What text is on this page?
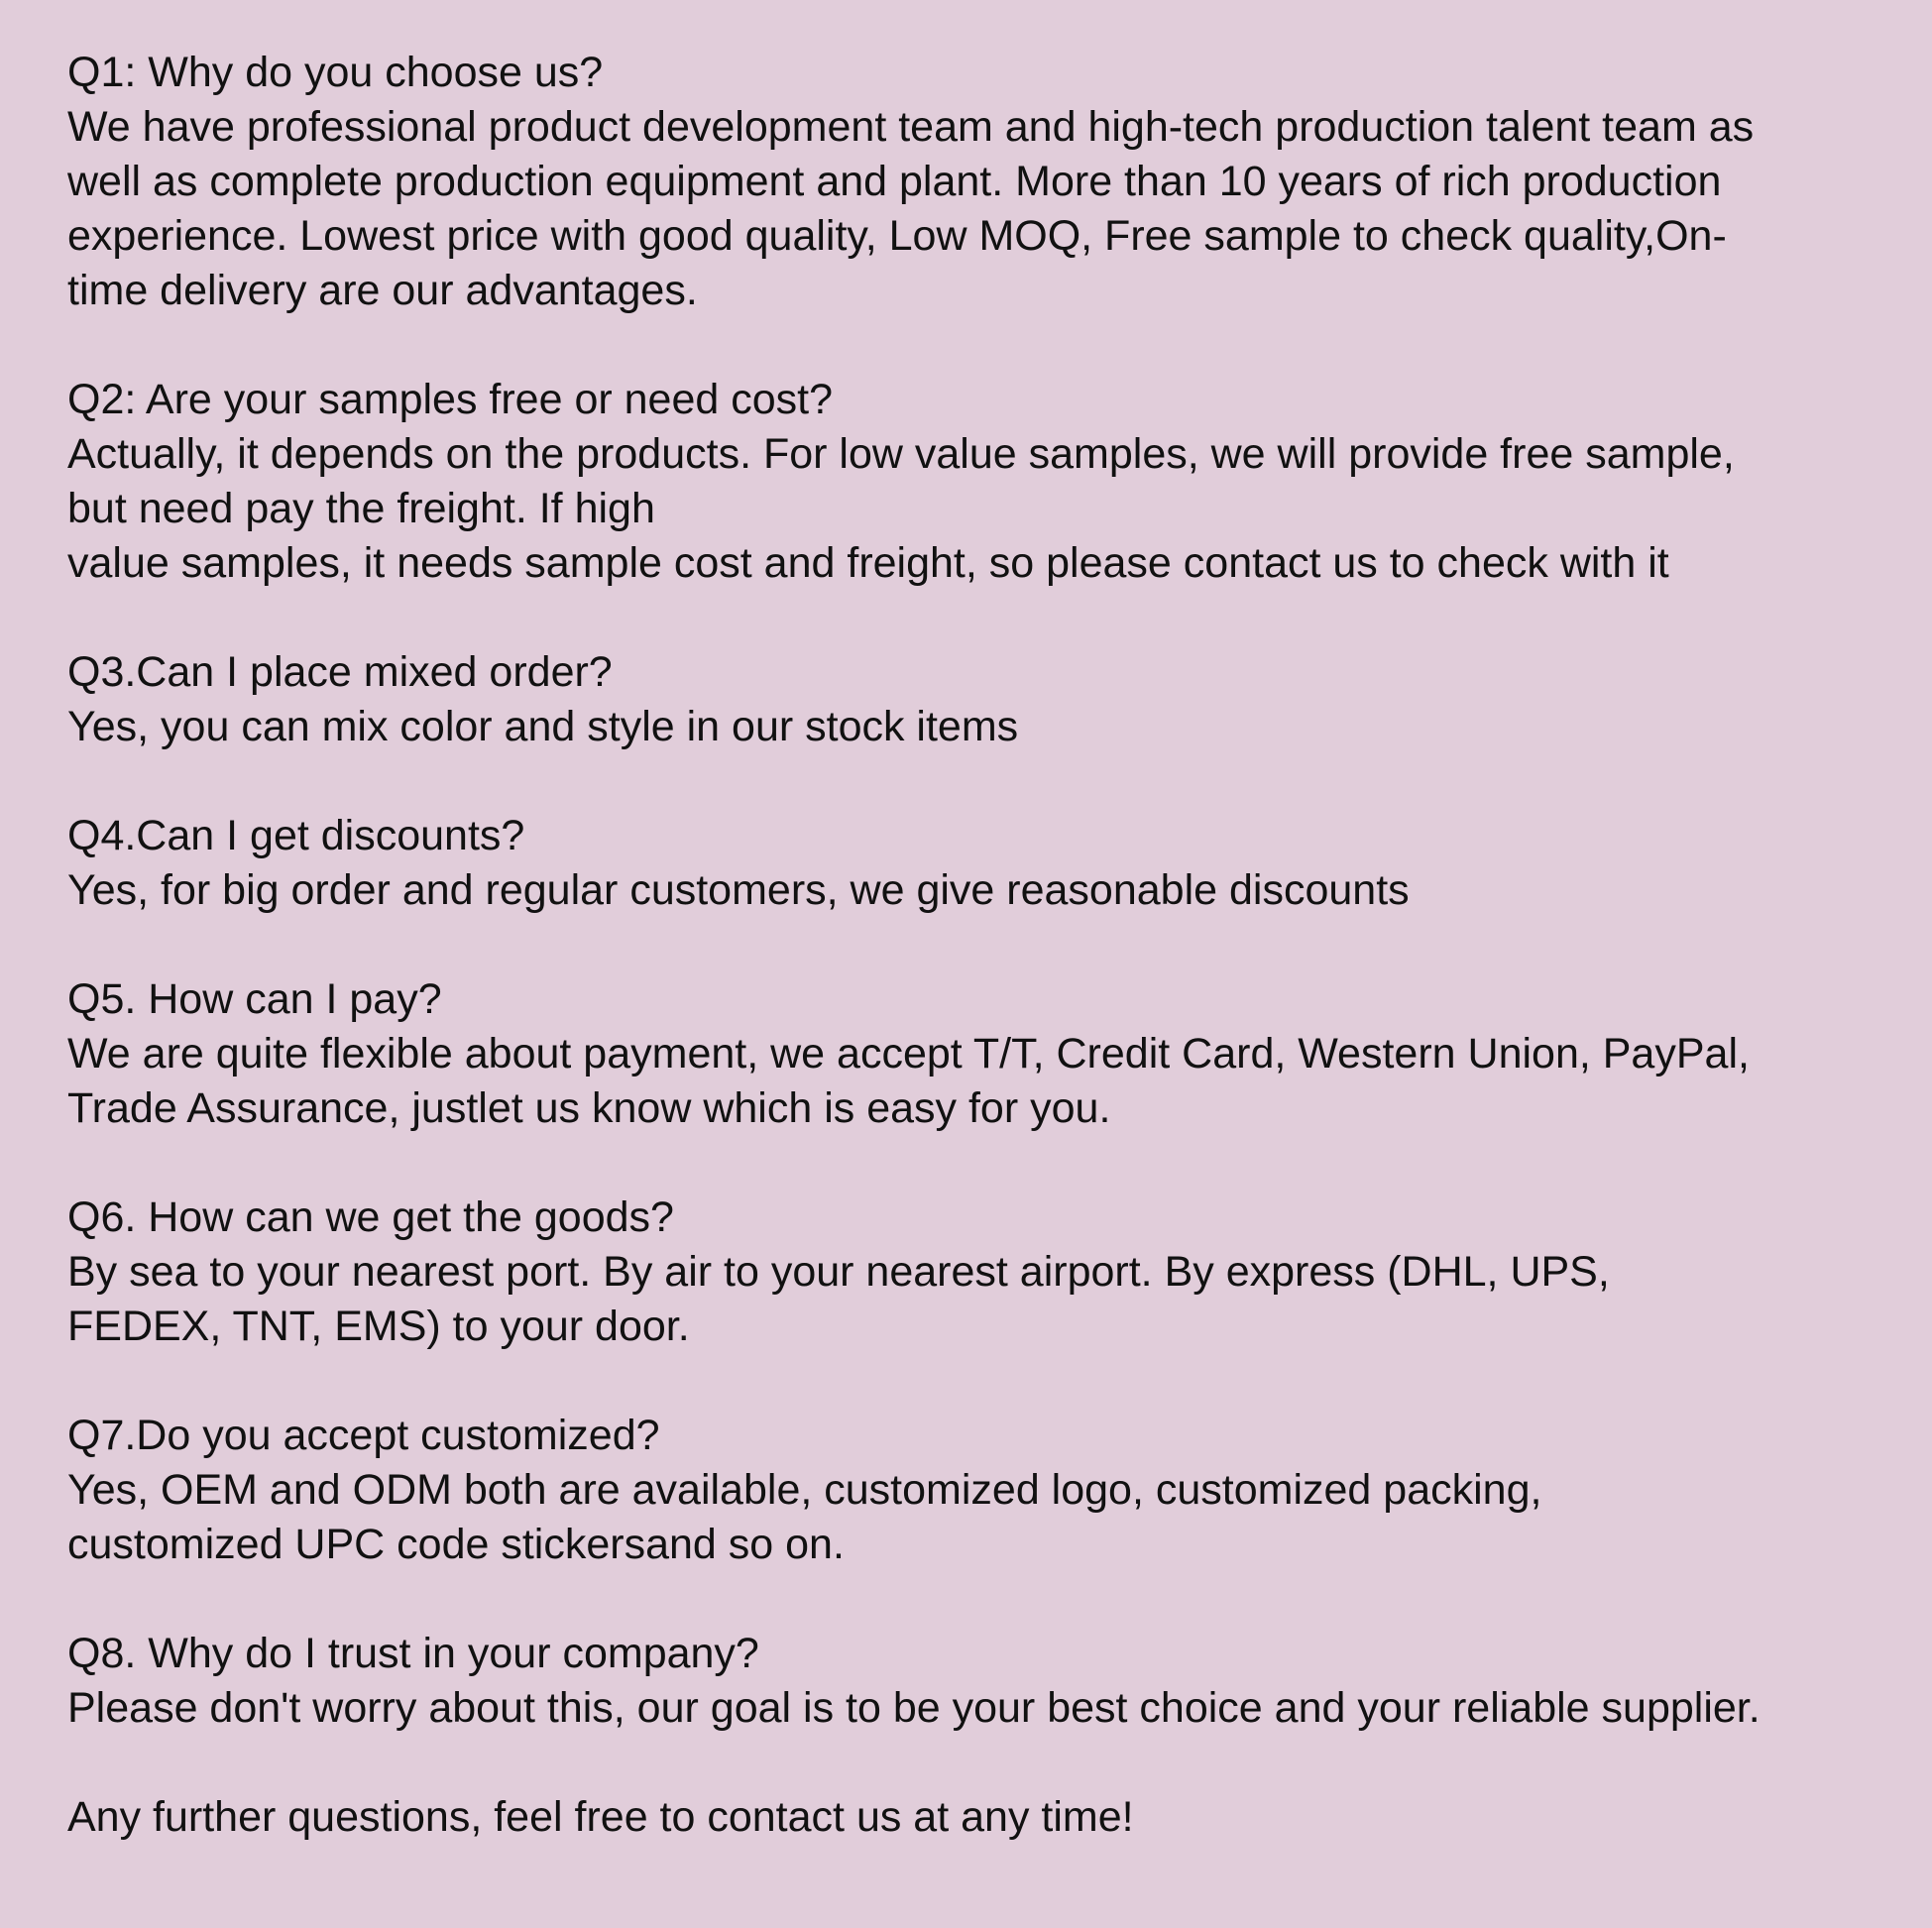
Q1: Why do you choose us?
We have professional product development team and high-tech production talent team as
well as complete production equipment and plant. More than 10 years of rich production
experience. Lowest price with good quality, Low MOQ, Free sample to check quality,On-
time delivery are our advantages.
Q2: Are your samples free or need cost?
Actually, it depends on the products. For low value samples, we will provide free sample,
but need pay the freight. If high
value samples, it needs sample cost and freight, so please contact us to check with it
Q3.Can I place mixed order?
Yes, you can mix color and style in our stock items
Q4.Can I get discounts?
Yes, for big order and regular customers, we give reasonable discounts
Q5. How can I pay?
We are quite flexible about payment, we accept T/T, Credit Card, Western Union, PayPal,
Trade Assurance, justlet us know which is easy for you.
Q6. How can we get the goods?
By sea to your nearest port. By air to your nearest airport. By express (DHL, UPS,
FEDEX, TNT, EMS) to your door.
Q7.Do you accept customized?
Yes, OEM and ODM both are available, customized logo, customized packing,
customized UPC code stickersand so on.
Q8. Why do I trust in your company?
Please don't worry about this, our goal is to be your best choice and your reliable supplier.
Any further questions, feel free to contact us at any time!
